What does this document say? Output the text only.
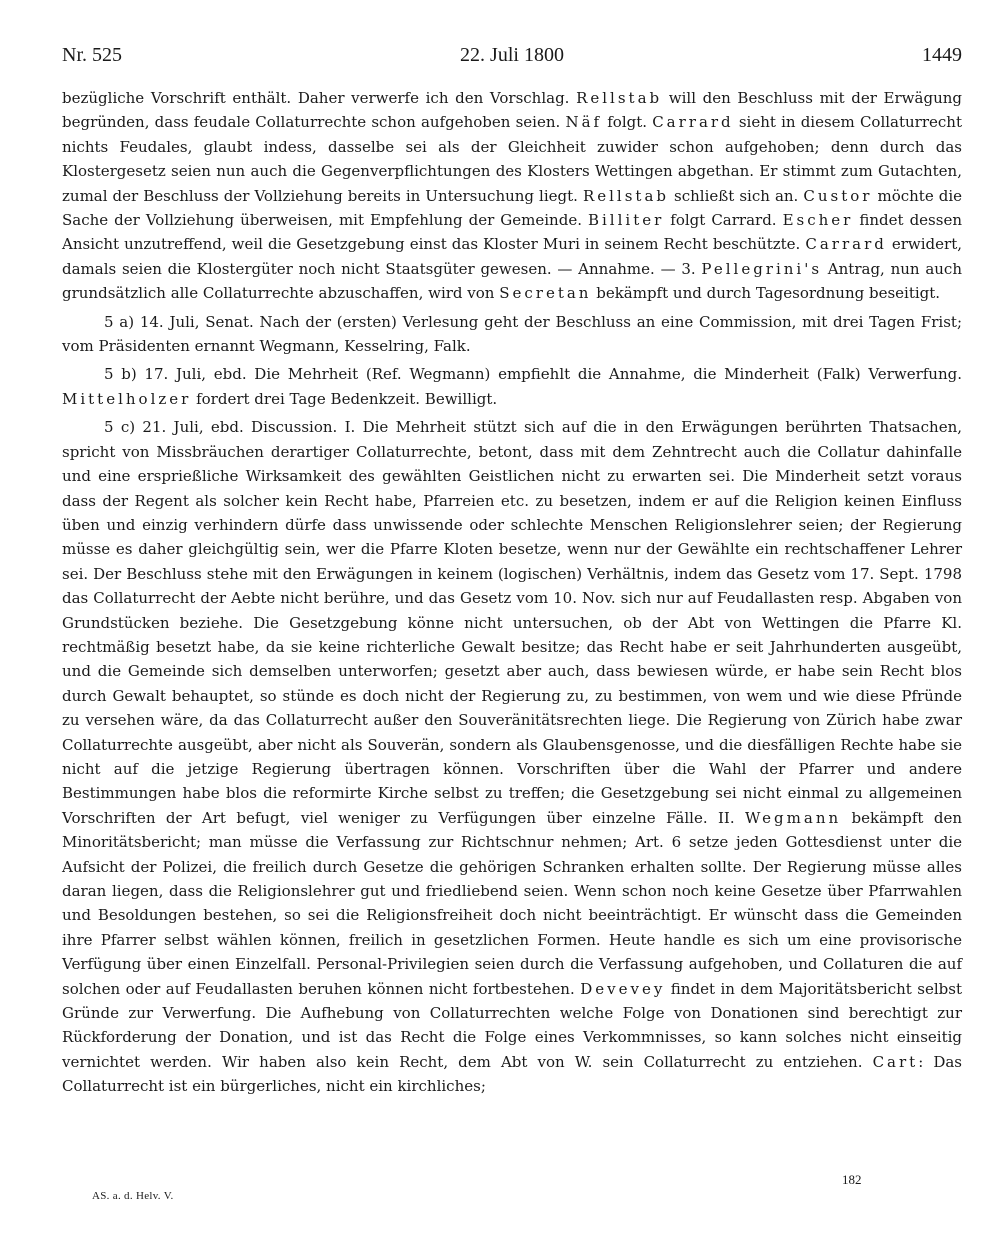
Nr. 525	22. Juli 1800	1449

bezügliche Vorschrift enthält. Daher verwerfe ich den Vorschlag. Rellstab will den Beschluss mit der Erwägung begründen, dass feudale Collaturrechte schon aufgehoben seien. Näf folgt. Carrard sieht in diesem Collaturrecht nichts Feudales, glaubt indess, dasselbe sei als der Gleichheit zuwider schon aufgehoben; denn durch das Klostergesetz seien nun auch die Gegenverpflichtungen des Klosters Wettingen abgethan. Er stimmt zum Gutachten, zumal der Beschluss der Vollziehung bereits in Untersuchung liegt. Rellstab schließt sich an. Custor möchte die Sache der Vollziehung überweisen, mit Empfehlung der Gemeinde. Billiter folgt Carrard. Escher findet dessen Ansicht unzutreffend, weil die Gesetzgebung einst das Kloster Muri in seinem Recht beschützte. Carrard erwidert, damals seien die Klostergüter noch nicht Staatsgüter gewesen. — Annahme. — 3. Pellegrini's Antrag, nun auch grundsätzlich alle Collaturrechte abzuschaffen, wird von Secretan bekämpft und durch Tagesordnung beseitigt.

5 a) 14. Juli, Senat. Nach der (ersten) Verlesung geht der Beschluss an eine Commission, mit drei Tagen Frist; vom Präsidenten ernannt Wegmann, Kesselring, Falk.

5 b) 17. Juli, ebd. Die Mehrheit (Ref. Wegmann) empfiehlt die Annahme, die Minderheit (Falk) Verwerfung. Mittelholzer fordert drei Tage Bedenkzeit. Bewilligt.

5 c) 21. Juli, ebd. Discussion. I. Die Mehrheit stützt sich auf die in den Erwägungen berührten Thatsachen, spricht von Missbräuchen derartiger Collaturrechte, betont, dass mit dem Zehntrecht auch die Collatur dahinfalle und eine ersprießliche Wirksamkeit des gewählten Geistlichen nicht zu erwarten sei. Die Minderheit setzt voraus dass der Regent als solcher kein Recht habe, Pfarreien etc. zu besetzen, indem er auf die Religion keinen Einfluss üben und einzig verhindern dürfe dass unwissende oder schlechte Menschen Religionslehrer seien; der Regierung müsse es daher gleichgültig sein, wer die Pfarre Kloten besetze, wenn nur der Gewählte ein rechtschaffener Lehrer sei. Der Beschluss stehe mit den Erwägungen in keinem (logischen) Verhältnis, indem das Gesetz vom 17. Sept. 1798 das Collaturrecht der Aebte nicht berühre, und das Gesetz vom 10. Nov. sich nur auf Feudallasten resp. Abgaben von Grundstücken beziehe. Die Gesetzgebung könne nicht untersuchen, ob der Abt von Wettingen die Pfarre Kl. rechtmäßig besetzt habe, da sie keine richterliche Gewalt besitze; das Recht habe er seit Jahrhunderten ausgeübt, und die Gemeinde sich demselben unterworfen; gesetzt aber auch, dass bewiesen würde, er habe sein Recht blos durch Gewalt behauptet, so stünde es doch nicht der Regierung zu, zu bestimmen, von wem und wie diese Pfründe zu versehen wäre, da das Collaturrecht außer den Souveränitätsrechten liege. Die Regierung von Zürich habe zwar Collaturrechte ausgeübt, aber nicht als Souverän, sondern als Glaubensgenosse, und die diesfälligen Rechte habe sie nicht auf die jetzige Regierung übertragen können. Vorschriften über die Wahl der Pfarrer und andere Bestimmungen habe blos die reformirte Kirche selbst zu treffen; die Gesetzgebung sei nicht einmal zu allgemeinen Vorschriften der Art befugt, viel weniger zu Verfügungen über einzelne Fälle. II. Wegmann bekämpft den Minoritätsbericht; man müsse die Verfassung zur Richtschnur nehmen; Art. 6 setze jeden Gottesdienst unter die Aufsicht der Polizei, die freilich durch Gesetze die gehörigen Schranken erhalten sollte. Der Regierung müsse alles daran liegen, dass die Religionslehrer gut und friedliebend seien. Wenn schon noch keine Gesetze über Pfarrwahlen und Besoldungen bestehen, so sei die Religionsfreiheit doch nicht beeinträchtigt. Er wünscht dass die Gemeinden ihre Pfarrer selbst wählen können, freilich in gesetzlichen Formen. Heute handle es sich um eine provisorische Verfügung über einen Einzelfall. Personal-Privilegien seien durch die Verfassung aufgehoben, und Collaturen die auf solchen oder auf Feudallasten beruhen können nicht fortbestehen. Devevey findet in dem Majoritätsbericht selbst Gründe zur Verwerfung. Die Aufhebung von Collaturrechten welche Folge von Donationen sind berechtigt zur Rückforderung der Donation, und ist das Recht die Folge eines Verkommnisses, so kann solches nicht einseitig vernichtet werden. Wir haben also kein Recht, dem Abt von W. sein Collaturrecht zu entziehen. Cart: Das Collaturrecht ist ein bürgerliches, nicht ein kirchliches;

AS. a. d. Helv. V.
182
